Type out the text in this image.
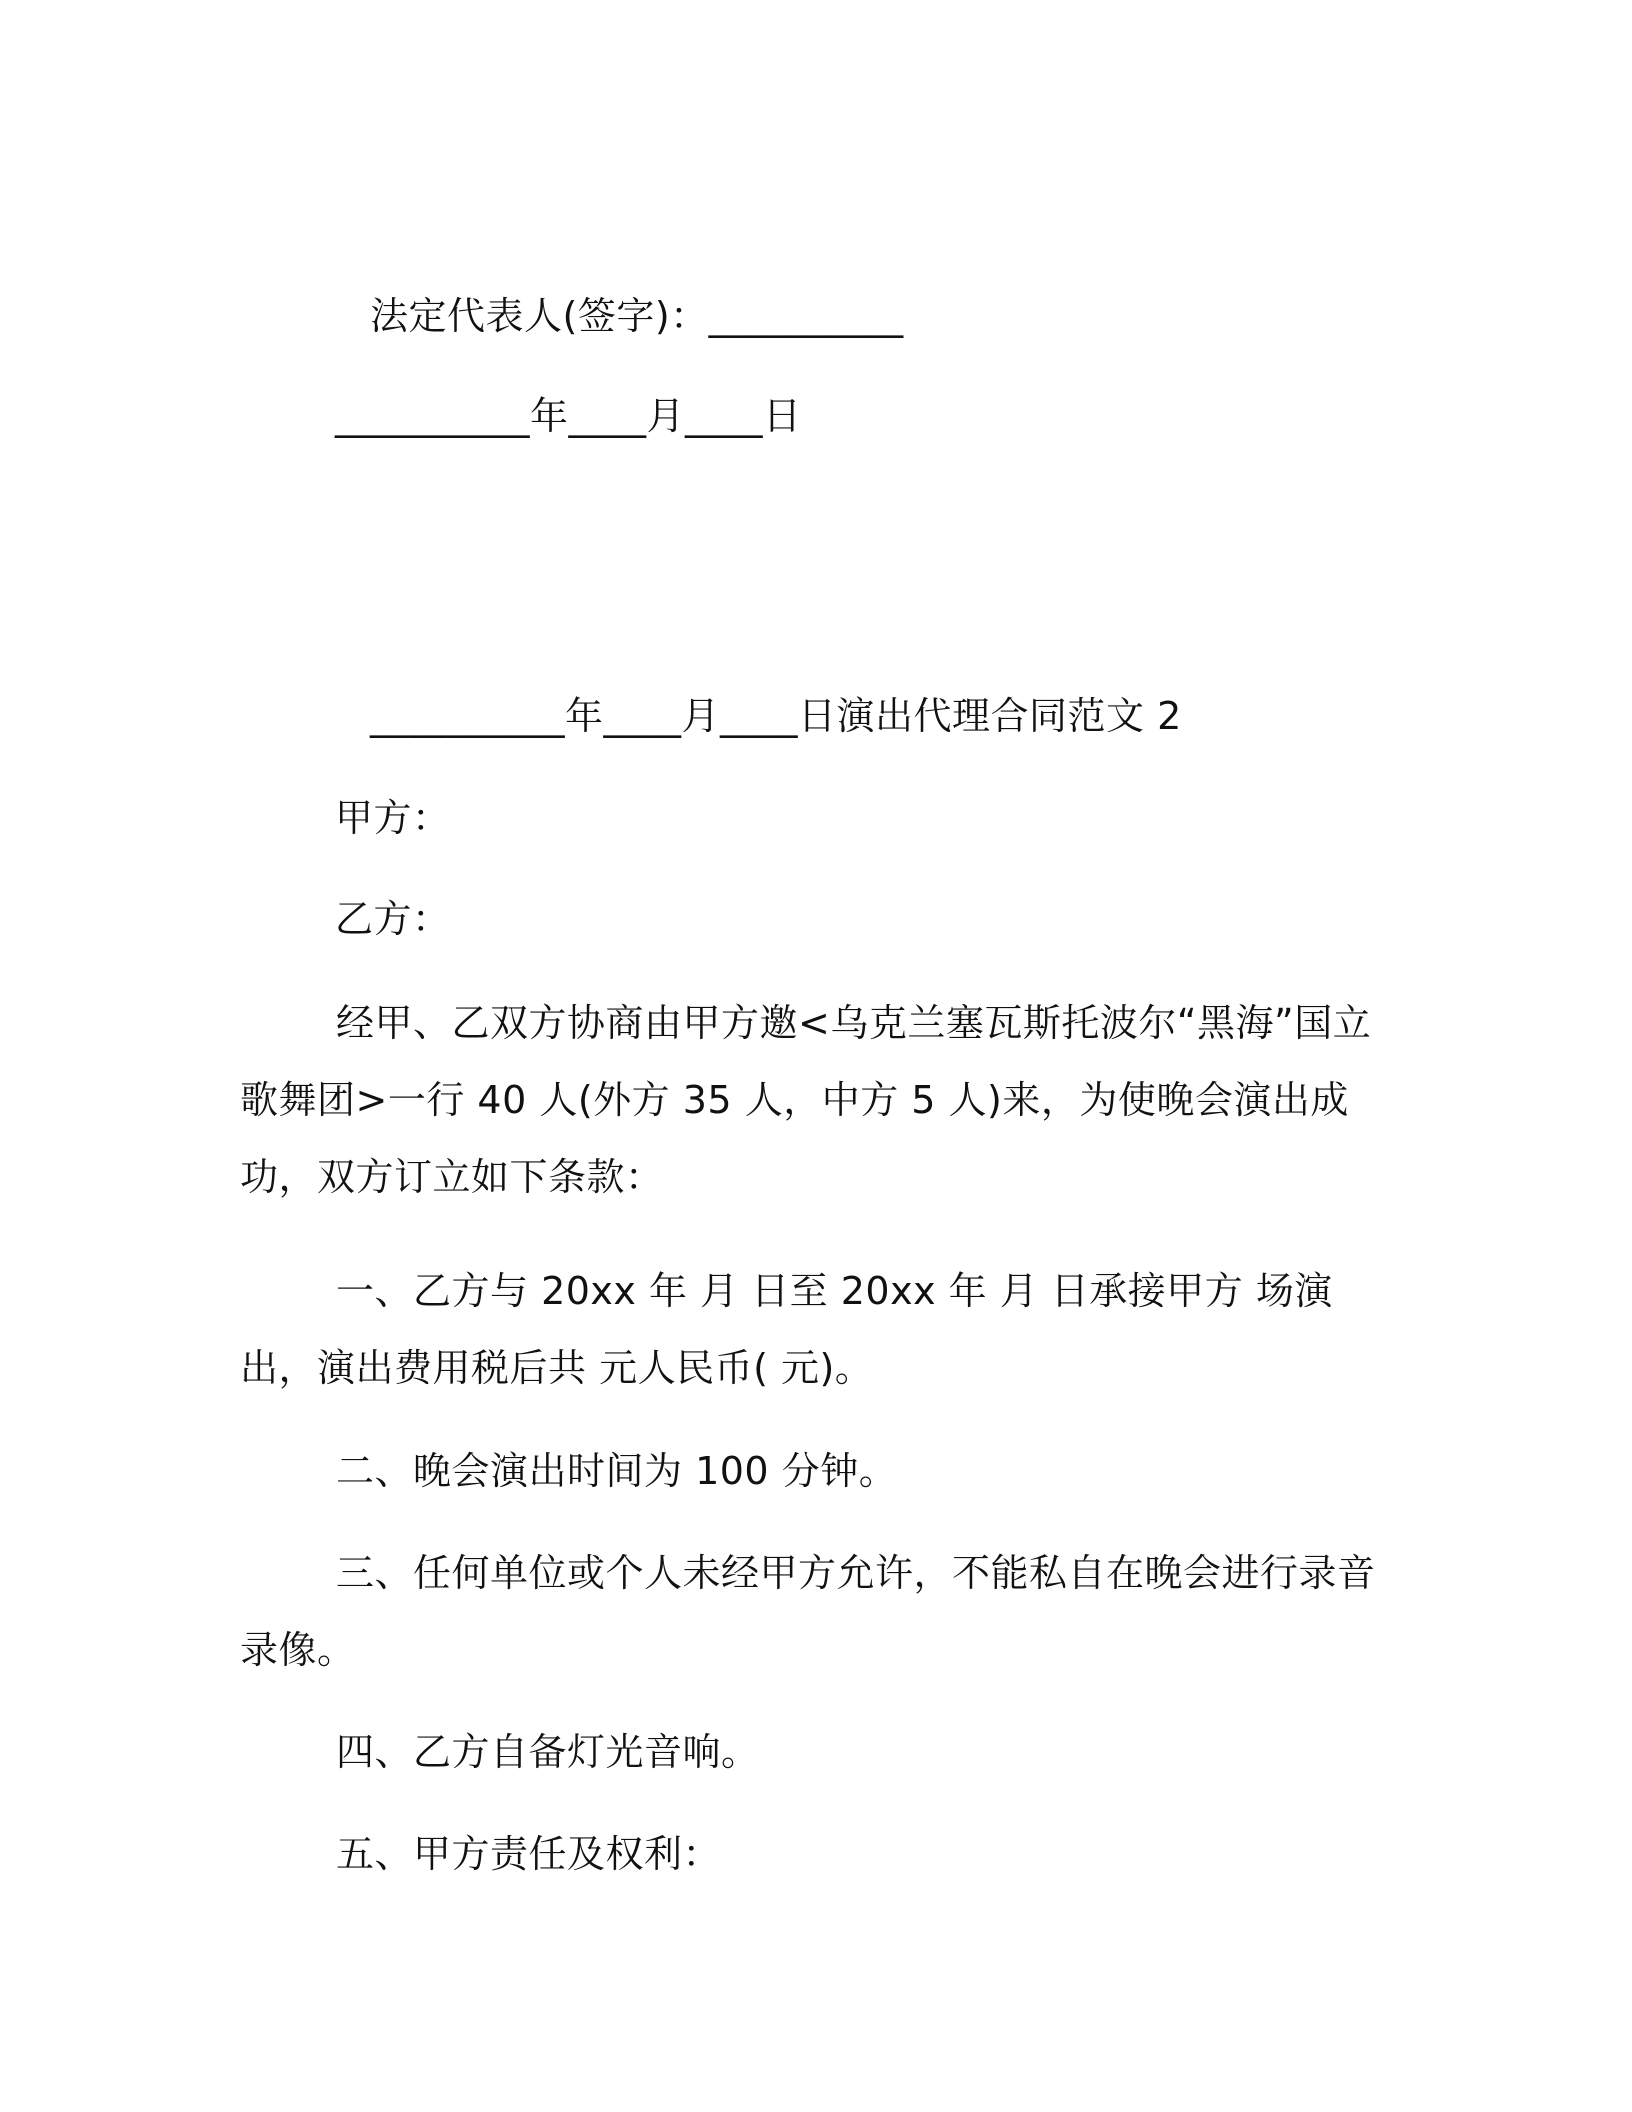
法定代表人(签字)：__________
__________年____月____日
__________年____月____日演出代理合同范文 2
甲方：
乙方：
经甲、乙双方协商由甲方邀<乌克兰塞瓦斯托波尔“黑海”国立歌舞团>一行 40 人(外方 35 人，中方 5 人)来，为使晚会演出成功，双方订立如下条款：
一、乙方与 20xx 年 月 日至 20xx 年 月 日承接甲方 场演出，演出费用税后共 元人民币( 元)。
二、晚会演出时间为 100 分钟。
三、任何单位或个人未经甲方允许，不能私自在晚会进行录音录像。
四、乙方自备灯光音响。
五、甲方责任及权利：
